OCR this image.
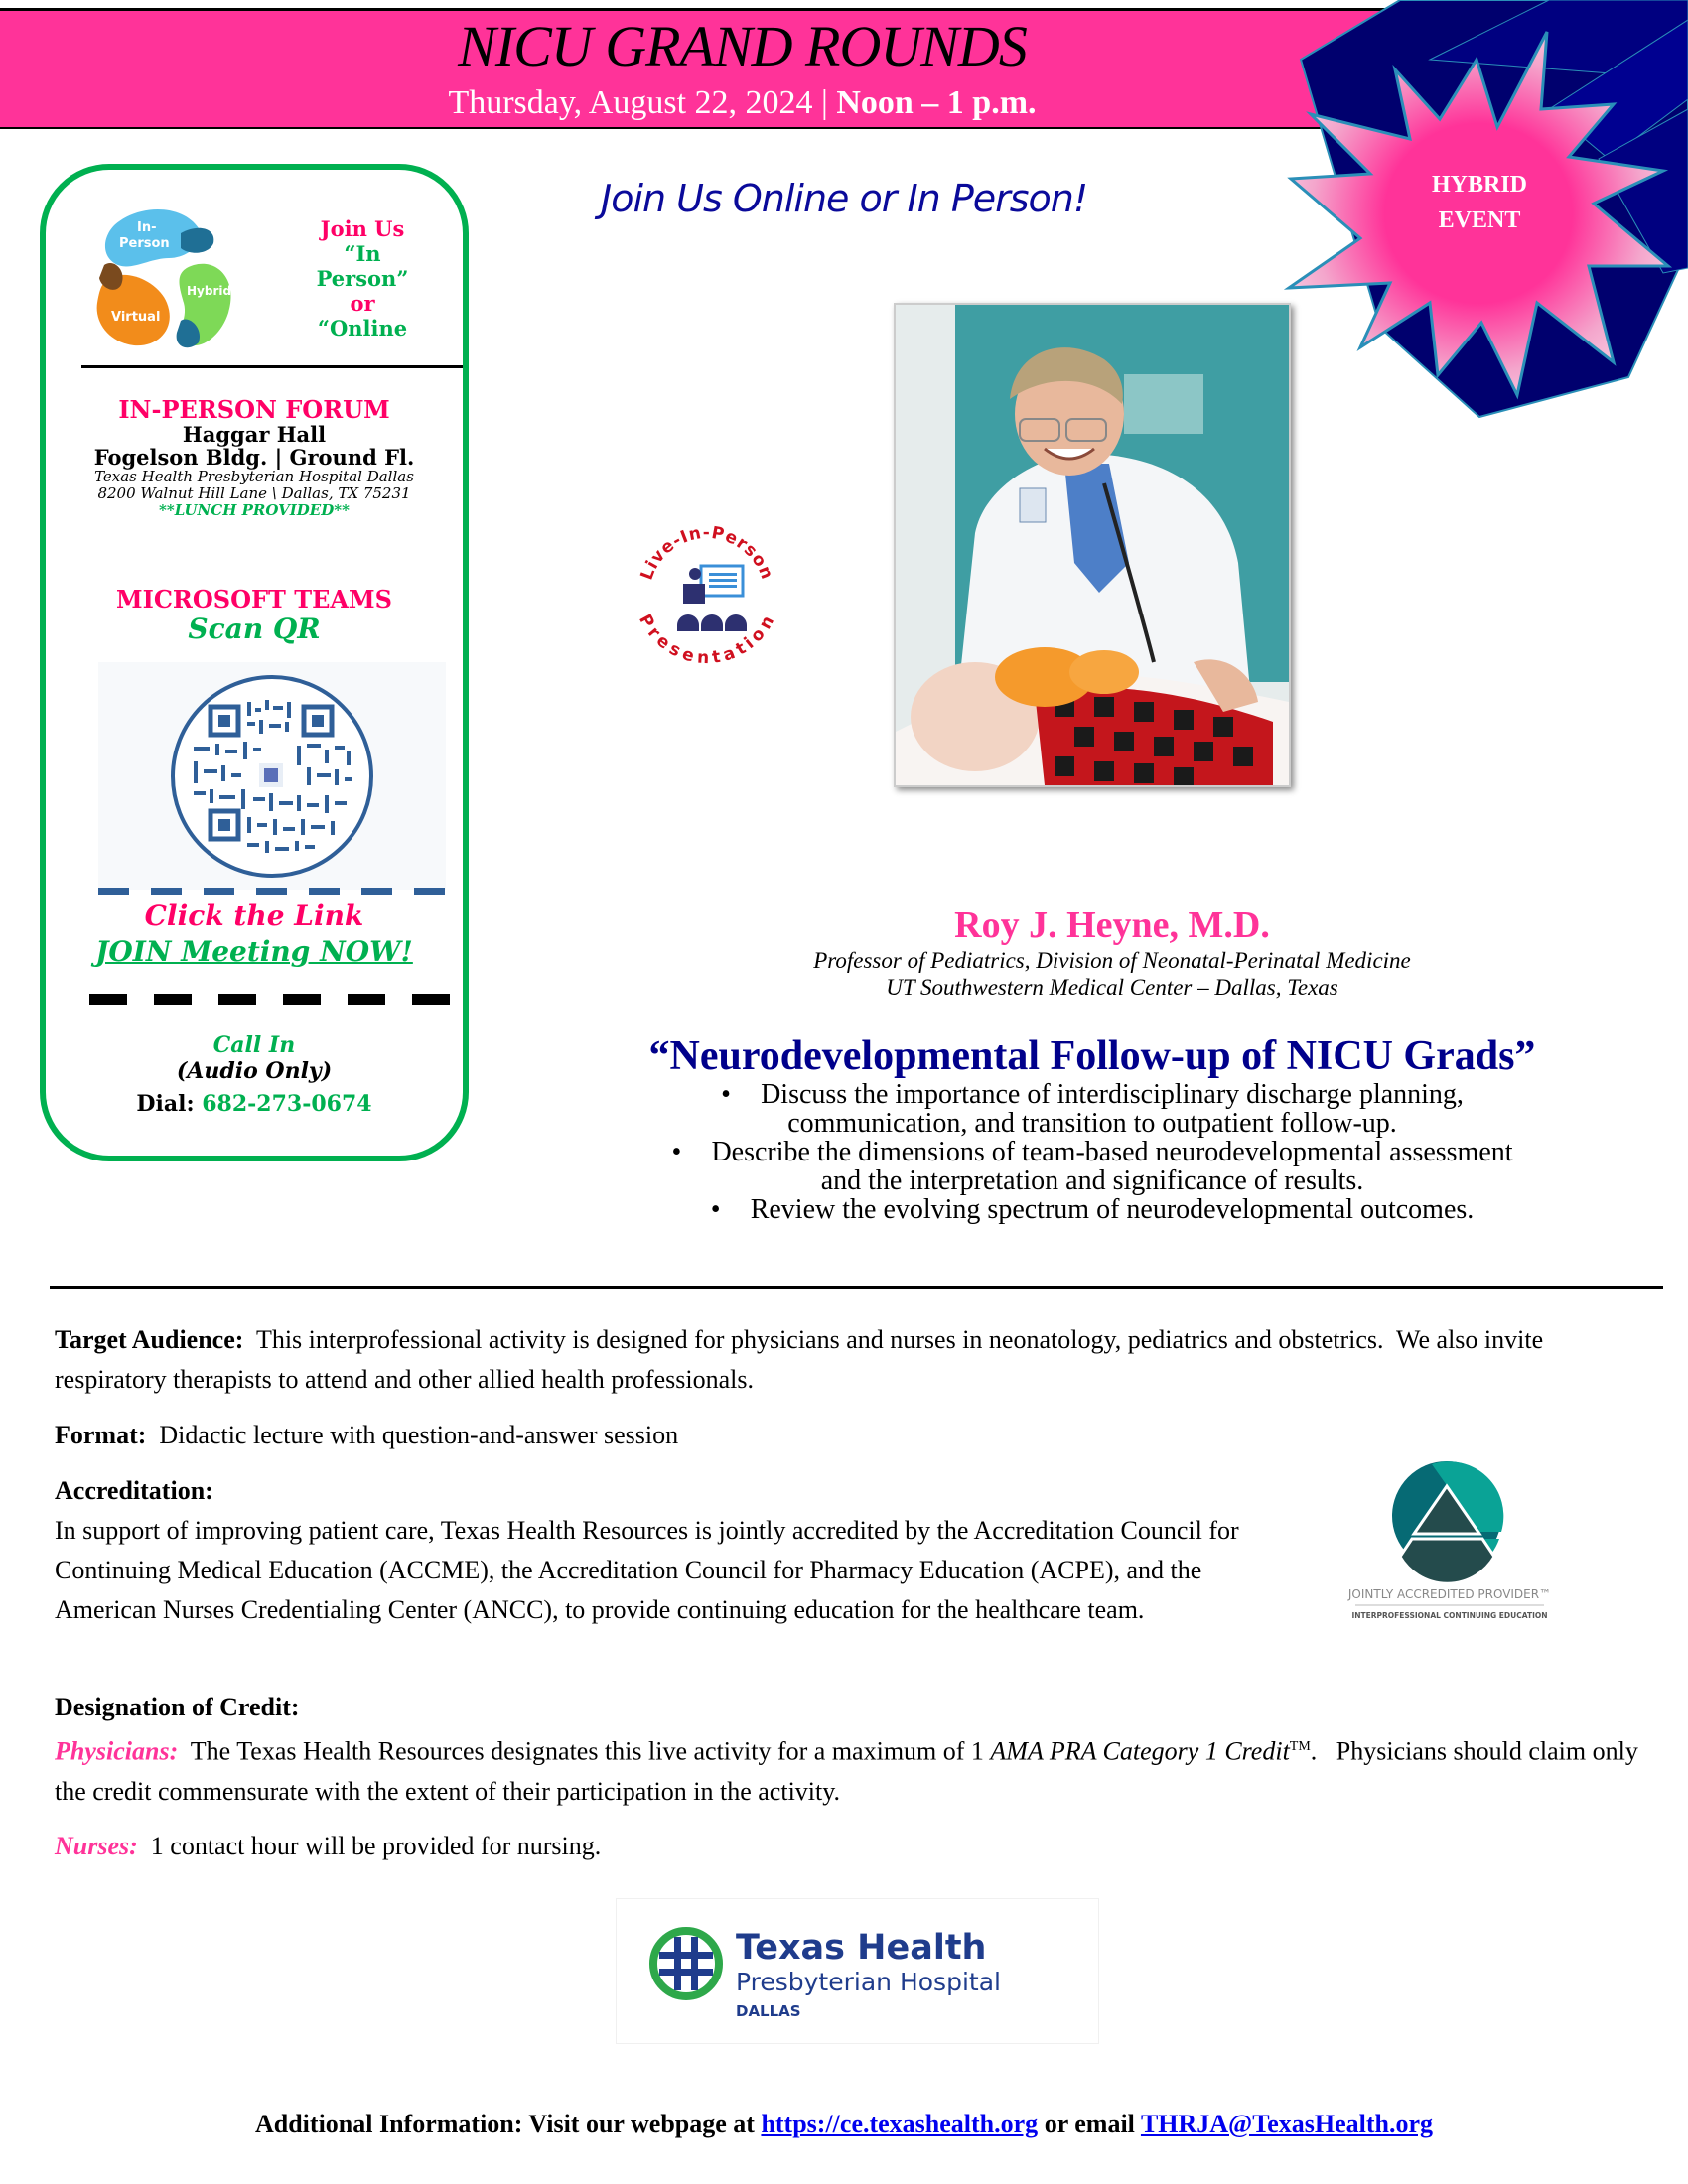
NICU GRAND ROUNDS
Thursday, August 22, 2024 | Noon – 1 p.m.
HYBRID
EVENT
In-
Person
Hybrid
Virtual
Join Us
“In
Person”
or
“Online
IN-PERSON FORUM
Haggar Hall
Fogelson Bldg. | Ground Fl.
Texas Health Presbyterian Hospital Dallas
8200 Walnut Hill Lane \ Dallas, TX 75231
**LUNCH PROVIDED**
MICROSOFT TEAMS
Scan QR
Click the Link
JOIN Meeting NOW!
Call In
(Audio Only)
Dial: 682-273-0674
Join Us Online or In Person!
Live-In-Person
Presentation
Roy J. Heyne, M.D.
Professor of Pediatrics, Division of Neonatal-Perinatal Medicine
UT Southwestern Medical Center – Dallas, Texas
“Neurodevelopmental Follow-up of NICU Grads”
• Discuss the importance of interdisciplinary discharge planning,
communication, and transition to outpatient follow-up.
• Describe the dimensions of team-based neurodevelopmental assessment
and the interpretation and significance of results.
• Review the evolving spectrum of neurodevelopmental outcomes.
Target Audience:  This interprofessional activity is designed for physicians and nurses in neonatology, pediatrics and obstetrics.  We also invite respiratory therapists to attend and other allied health professionals.
Format:  Didactic lecture with question-and-answer session

Accreditation:

In support of improving patient care, Texas Health Resources is jointly accredited by the Accreditation Council for Continuing Medical Education (ACCME), the Accreditation Council for Pharmacy Education (ACPE), and the American Nurses Credentialing Center (ANCC), to provide continuing education for the healthcare team.

JOINTLY ACCREDITED PROVIDER™
INTERPROFESSIONAL CONTINUING EDUCATION

Designation of Credit:

Physicians:  The Texas Health Resources designates this live activity for a maximum of 1 AMA PRA Category 1 Credit™.   Physicians should claim only the credit commensurate with the extent of their participation in the activity.

Nurses:  1 contact hour will be provided for nursing.
Texas Health
Presbyterian Hospital
DALLAS
Additional Information: Visit our webpage at https://ce.texashealth.org or email THRJA@TexasHealth.org
